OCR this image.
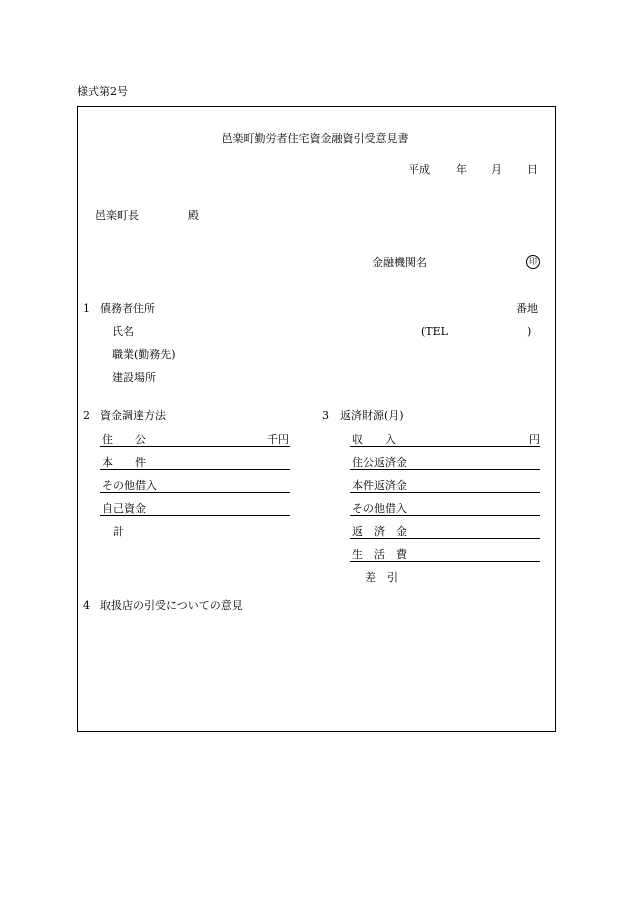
様式第2号
邑楽町勤労者住宅資金融資引受意見書
平成 年 月 日
邑楽町長	殿
金融機関名	印
1 債務者住所	番地
氏名	(TEL	)
職業(勤務先)
建設場所
2 資金調達方法
住　　公	千円
本　　件
その他借入
自己資金
計
3 返済財源(月)
収　　入	円
住公返済金
本件返済金
その他借入
返　済　金
生　活　費
差　引
4 取扱店の引受についての意見
